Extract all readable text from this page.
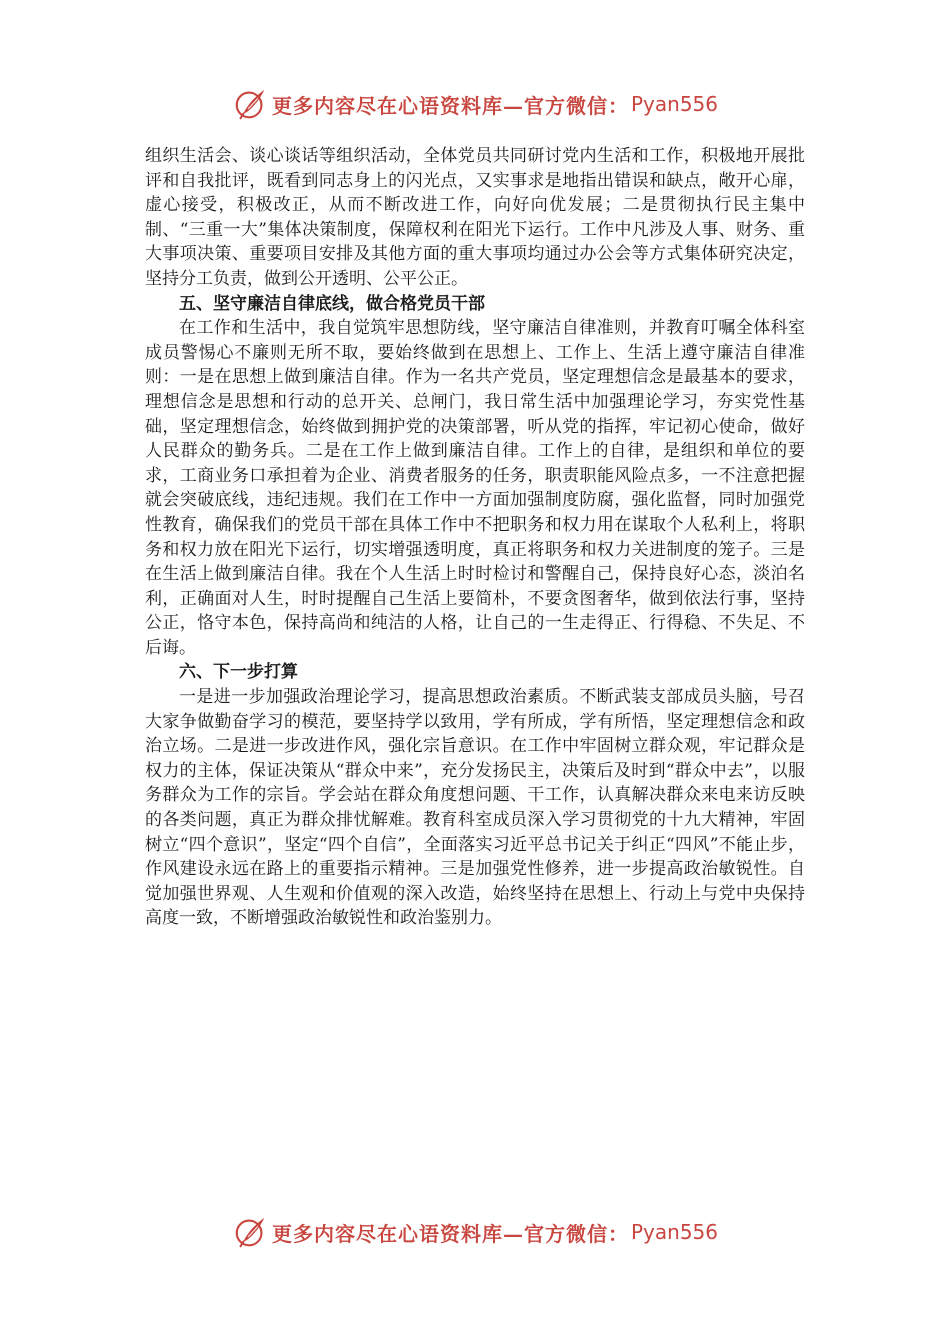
更多内容尽在心语资料库—官方微信： Pyan556

组织生活会、谈心谈话等组织活动，全体党员共同研讨党内生活和工作，积极地开展批评和自我批评，既看到同志身上的闪光点，又实事求是地指出错误和缺点，敞开心扉，虚心接受，积极改正，从而不断改进工作，向好向优发展；二是贯彻执行民主集中制、“三重一大”集体决策制度，保障权利在阳光下运行。工作中凡涉及人事、财务、重大事项决策、重要项目安排及其他方面的重大事项均通过办公会等方式集体研究决定，坚持分工负责，做到公开透明、公平公正。

五、坚守廉洁自律底线，做合格党员干部

在工作和生活中，我自觉筑牢思想防线，坚守廉洁自律准则，并教育叮嘱全体科室成员警惕心不廉则无所不取，要始终做到在思想上、工作上、生活上遵守廉洁自律准则：一是在思想上做到廉洁自律。作为一名共产党员，坚定理想信念是最基本的要求，理想信念是思想和行动的总开关、总闸门，我日常生活中加强理论学习，夯实党性基础，坚定理想信念，始终做到拥护党的决策部署，听从党的指挥，牢记初心使命，做好人民群众的勤务兵。二是在工作上做到廉洁自律。工作上的自律，是组织和单位的要求，工商业务口承担着为企业、消费者服务的任务，职责职能风险点多，一不注意把握就会突破底线，违纪违规。我们在工作中一方面加强制度防腐，强化监督，同时加强党性教育，确保我们的党员干部在具体工作中不把职务和权力用在谋取个人私利上，将职务和权力放在阳光下运行，切实增强透明度，真正将职务和权力关进制度的笼子。三是在生活上做到廉洁自律。我在个人生活上时时检讨和警醒自己，保持良好心态，淡泊名利，正确面对人生，时时提醒自己生活上要简朴，不要贪图奢华，做到依法行事，坚持公正，恪守本色，保持高尚和纯洁的人格，让自己的一生走得正、行得稳、不失足、不后诲。

六、下一步打算

一是进一步加强政治理论学习，提高思想政治素质。不断武装支部成员头脑，号召大家争做勤奋学习的模范，要坚持学以致用，学有所成，学有所悟，坚定理想信念和政治立场。二是进一步改进作风，强化宗旨意识。在工作中牢固树立群众观，牢记群众是权力的主体，保证决策从“群众中来”，充分发扬民主，决策后及时到“群众中去”，以服务群众为工作的宗旨。学会站在群众角度想问题、干工作，认真解决群众来电来访反映的各类问题，真正为群众排忧解难。教育科室成员深入学习贯彻党的十九大精神，牢固树立“四个意识”，坚定“四个自信”，全面落实习近平总书记关于纠正“四风”不能止步，作风建设永远在路上的重要指示精神。三是加强党性修养，进一步提高政治敏锐性。自觉加强世界观、人生观和价值观的深入改造，始终坚持在思想上、行动上与党中央保持高度一致，不断增强政治敏锐性和政治鉴别力。

更多内容尽在心语资料库—官方微信： Pyan556
